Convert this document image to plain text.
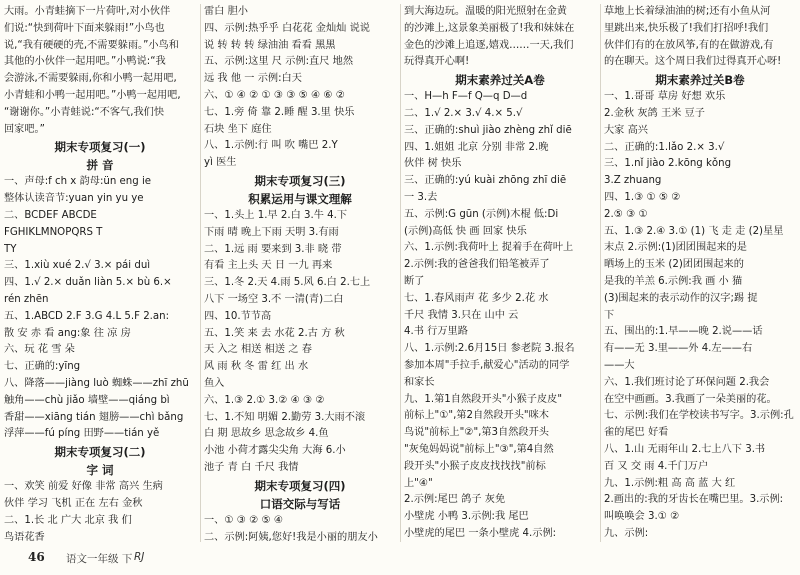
大雨。小青蛙摘下一片荷叶,对小伙伴
们说:“快到荷叶下面来躲雨!”小鸟也
说,“我有硬硬的壳,不需要躲雨。”小鸟和
其他的小伙伴一起用吧。”小鸭说:“我
会游泳,不需要躲雨,你和小鸭一起用吧,
小青蛙和小鸭一起用吧。”小鸭一起用吧,
“谢谢你。”小青蛙说:“不客气,我们快
回家吧。”
期末专项复习(一)
拼 音
一、声母:f ch x 韵母:ün eng ie
整体认读音节:yuan yin yu ye
二、BCDEF ABCDE
FGHIKLMNOPQRS T
TY
三、1.xiù xué 2.√ 3.× pái duì
四、1.√ 2.× duǎn liàn 5.× bù 6.×
rén zhēn
五、1.ABCD 2.F 3.G 4.L 5.F 2.an:
散 安 赤 看 ang:象 往 凉 房
六、玩 花 雪 朵
七、正确的:yīng
八、降落——jiàng luò 蜘蛛——zhī zhū
触角——chù jiǎo 墙壁——qiáng bì
香甜——xiāng tián 翅膀——chì bǎng
浮萍——fú píng 田野——tián yě
期末专项复习(二)
字 词
一、欢笑 前爱 好像 非常 高兴 生病
伙伴 学习 飞机 正在 左右 金秋
二、1.长 北 广大 北京 我 们
鸟语花香
雷白 胆小
四、示例:热乎乎 白花花 金灿灿 说说
说 转 转 转 绿油油 看看 黑黑
五、示例:这里 尺 示例:直尺 地然
远 我 他 一 示例:白天
六、① ④ ② ① ③ ③ ⑤ ④ ⑥ ②
七、1.旁 倚 靠 2.睡 醒 3.里 快乐
石块 坐下 庭住
八、1.示例:行 叫 吹 嘴巴 2.Y
yì 医生
期末专项复习(三)
积累运用与课文理解
一、1.头上 1.早 2.白 3.牛 4.下
下雨 晴 晚上下雨 天明 3.有雨
二、1.远 雨 要来到 3.非 晓 带
有看 主上头 天 日 一九 再来
三、1.冬 2.天 4.雨 5.风 6.白 2.七上
八下 一场空 3.不 一清(青)二白
四、10.节节高
五、1.笑 来 去 水花 2.古 方 秋
天 入之 相送 相送 之 春
风 雨 秋 冬 雷 红 出 水
鱼入
六、1.③ 2.① 3.② ④ ③ ②
七、1.不知 明媚 2.勤劳 3.大雨不滚
白 期 思故乡 思念故乡 4.鱼
小池 小荷才露尖尖角 大海 6.小
池子 青 白 千尺 我情
期末专项复习(四)
口语交际与写话
一、① ③ ② ⑤ ④
二、示例:阿姨,您好!我是小丽的朋友小
到大海边玩。温暖的阳光照射在金黄
的沙滩上,这景象美丽极了!我和妹妹在
金色的沙滩上追逐,嬉戏……一天,我们
玩得真开心啊!
期末素养过关A卷
一、H—h F—f Q—q D—d
二、1.√ 2.× 3.√ 4.× 5.√
三、正确的:shuì jiào zhèng zhǐ diē
四、1.姐姐 北京 分别 非常 2.晚
伙伴 树 快乐
三、正确的:yú kuài zhōng zhī diē
一 3.去
五、示例:G gūn (示例)木棍 低:Di
(示例)高低 快 画 回家 快乐
六、1.示例:我荷叶上 捉着手在荷叶上
2.示例:我的爸爸我们铅笔被弄了
断了
七、1.春风雨声 花 多少 2.花 水
千尺 我情 3.只在 山中 云
4.书 行万里路
八、1.示例:2.6月15日 参老院 3.报名
参加本周"手拉手,献爱心"活动的同学
和家长
九、1.第1自然段开头"小猴子皮皮"
前标上"①",第2自然段开头"咪木
鸟说"前标上"②",第3自然段开头
"灰兔妈妈说"前标上"③",第4自然
段开头"小猴子皮皮找找找"前标
上"④"
2.示例:尾巴 鸽子 灰免
小壁虎 小鸭 3.示例:我 尾巴
小壁虎的尾巴 一条小壁虎 4.示例:
草地上长着绿油油的树;还有小鱼从河
里跳出来,快乐极了!我们打招呼!我们
伙伴们有的在放风筝,有的在做游戏,有
的在聊天。这个周日我们过得真开心呀!
期末素养过关B卷
一、1.哥哥 草房 好想 欢乐
2.金秋 灰鸽 王米 豆子
大家 高兴
二、正确的:1.lǎo 2.× 3.√
三、1.nǐ jiào 2.kōng kǒng
3.Z zhuang
四、1.③ ① ⑤ ②
2.⑤ ③ ①
五、1.③ 2.④ 3.① (1) 飞 走 走 (2)星星
末点 2.示例:(1)团团围起来的是
晒场上的玉米 (2)团团围起来的
是我的羊羔 6.示例:我 画 小 猫
(3)围起来的表示动作的汉字;踢 捉
下
五、围出的:1.早——晚 2.说——话
有——无 3.里——外 4.左——右
——大
六、1.我们班讨论了环保问题 2.我会
在空中画画。3.我画了一朵美丽的花。
七、示例:我们在学校读书写字。3.示例:孔
雀的尾巴 好看
八、1.山 无雨年山 2.七上八下 3.书
百 又 交 雨 4.千门万户
九、1.示例:粗 高 高 蓝 大 红
2.画出的:我的牙齿长在嘴巴里。3.示例:
叫唤唤会 3.① ②
九、示例:
46 语文一年级 下 RJ
